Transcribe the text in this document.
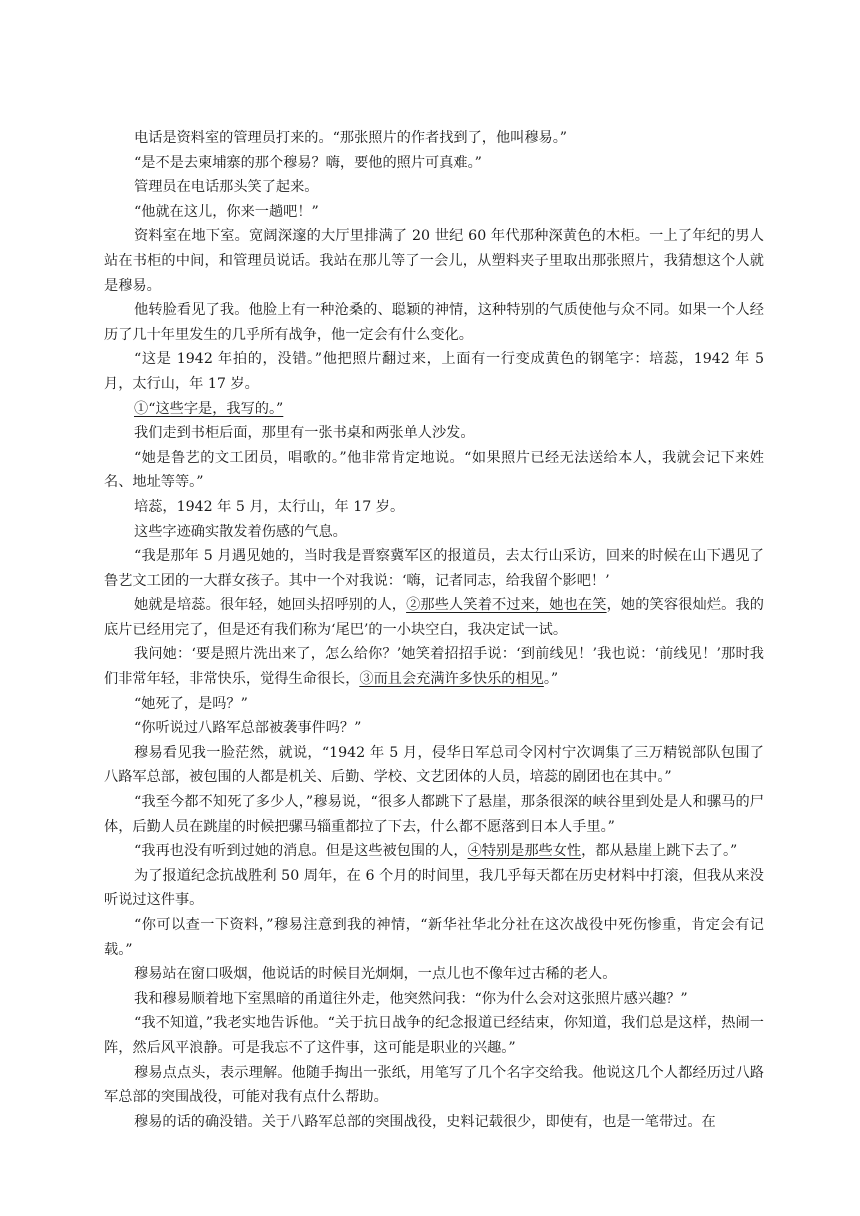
电话是资料室的管理员打来的。“那张照片的作者找到了，他叫穆易。”

“是不是去柬埔寨的那个穆易？嗨，要他的照片可真难。”

管理员在电话那头笑了起来。

“他就在这儿，你来一趟吧！”

资料室在地下室。宽阔深邃的大厅里排满了 20 世纪 60 年代那种深黄色的木柜。一上了年纪的男人站在书柜的中间，和管理员说话。我站在那儿等了一会儿，从塑料夹子里取出那张照片，我猜想这个人就是穆易。

他转脸看见了我。他脸上有一种沧桑的、聪颖的神情，这种特别的气质使他与众不同。如果一个人经历了几十年里发生的几乎所有战争，他一定会有什么变化。

“这是 1942 年拍的，没错。”他把照片翻过来，上面有一行变成黄色的钢笔字：培蕊，1942 年 5 月，太行山，年 17 岁。

①“这些字是，我写的。”

我们走到书柜后面，那里有一张书桌和两张单人沙发。

“她是鲁艺的文工团员，唱歌的。”他非常肯定地说。“如果照片已经无法送给本人，我就会记下来姓名、地址等等。”

培蕊，1942 年 5 月，太行山，年 17 岁。

这些字迹确实散发着伤感的气息。

“我是那年 5 月遇见她的，当时我是晋察冀军区的报道员，去太行山采访，回来的时候在山下遇见了鲁艺文工团的一大群女孩子。其中一个对我说：‘嗨，记者同志，给我留个影吧！’

她就是培蕊。很年轻，她回头招呼别的人，②那些人笑着不过来，她也在笑，她的笑容很灿烂。我的底片已经用完了，但是还有我们称为‘尾巴’的一小块空白，我决定试一试。

我问她：‘要是照片洗出来了，怎么给你？’她笑着招招手说：‘到前线见！’我也说：‘前线见！’那时我们非常年轻，非常快乐，觉得生命很长，③而且会充满许多快乐的相见。”

“她死了，是吗？”

“你听说过八路军总部被袭事件吗？”

穆易看见我一脸茫然，就说，“1942 年 5 月，侵华日军总司令冈村宁次调集了三万精锐部队包围了八路军总部，被包围的人都是机关、后勤、学校、文艺团体的人员，培蕊的剧团也在其中。”

“我至今都不知死了多少人，”穆易说，“很多人都跳下了悬崖，那条很深的峡谷里到处是人和骡马的尸体，后勤人员在跳崖的时候把骡马辎重都拉了下去，什么都不愿落到日本人手里。”

“我再也没有听到过她的消息。但是这些被包围的人，④特别是那些女性，都从悬崖上跳下去了。”

为了报道纪念抗战胜利 50 周年，在 6 个月的时间里，我几乎每天都在历史材料中打滚，但我从来没听说过这件事。

“你可以查一下资料，”穆易注意到我的神情，“新华社华北分社在这次战役中死伤惨重，肯定会有记载。”

穆易站在窗口吸烟，他说话的时候目光炯炯，一点儿也不像年过古稀的老人。

我和穆易顺着地下室黑暗的甬道往外走，他突然问我：“你为什么会对这张照片感兴趣？”

“我不知道，”我老实地告诉他。“关于抗日战争的纪念报道已经结束，你知道，我们总是这样，热闹一阵，然后风平浪静。可是我忘不了这件事，这可能是职业的兴趣。”

穆易点点头，表示理解。他随手掏出一张纸，用笔写了几个名字交给我。他说这几个人都经历过八路军总部的突围战役，可能对我有点什么帮助。

穆易的话的确没错。关于八路军总部的突围战役，史料记载很少，即使有，也是一笔带过。在
